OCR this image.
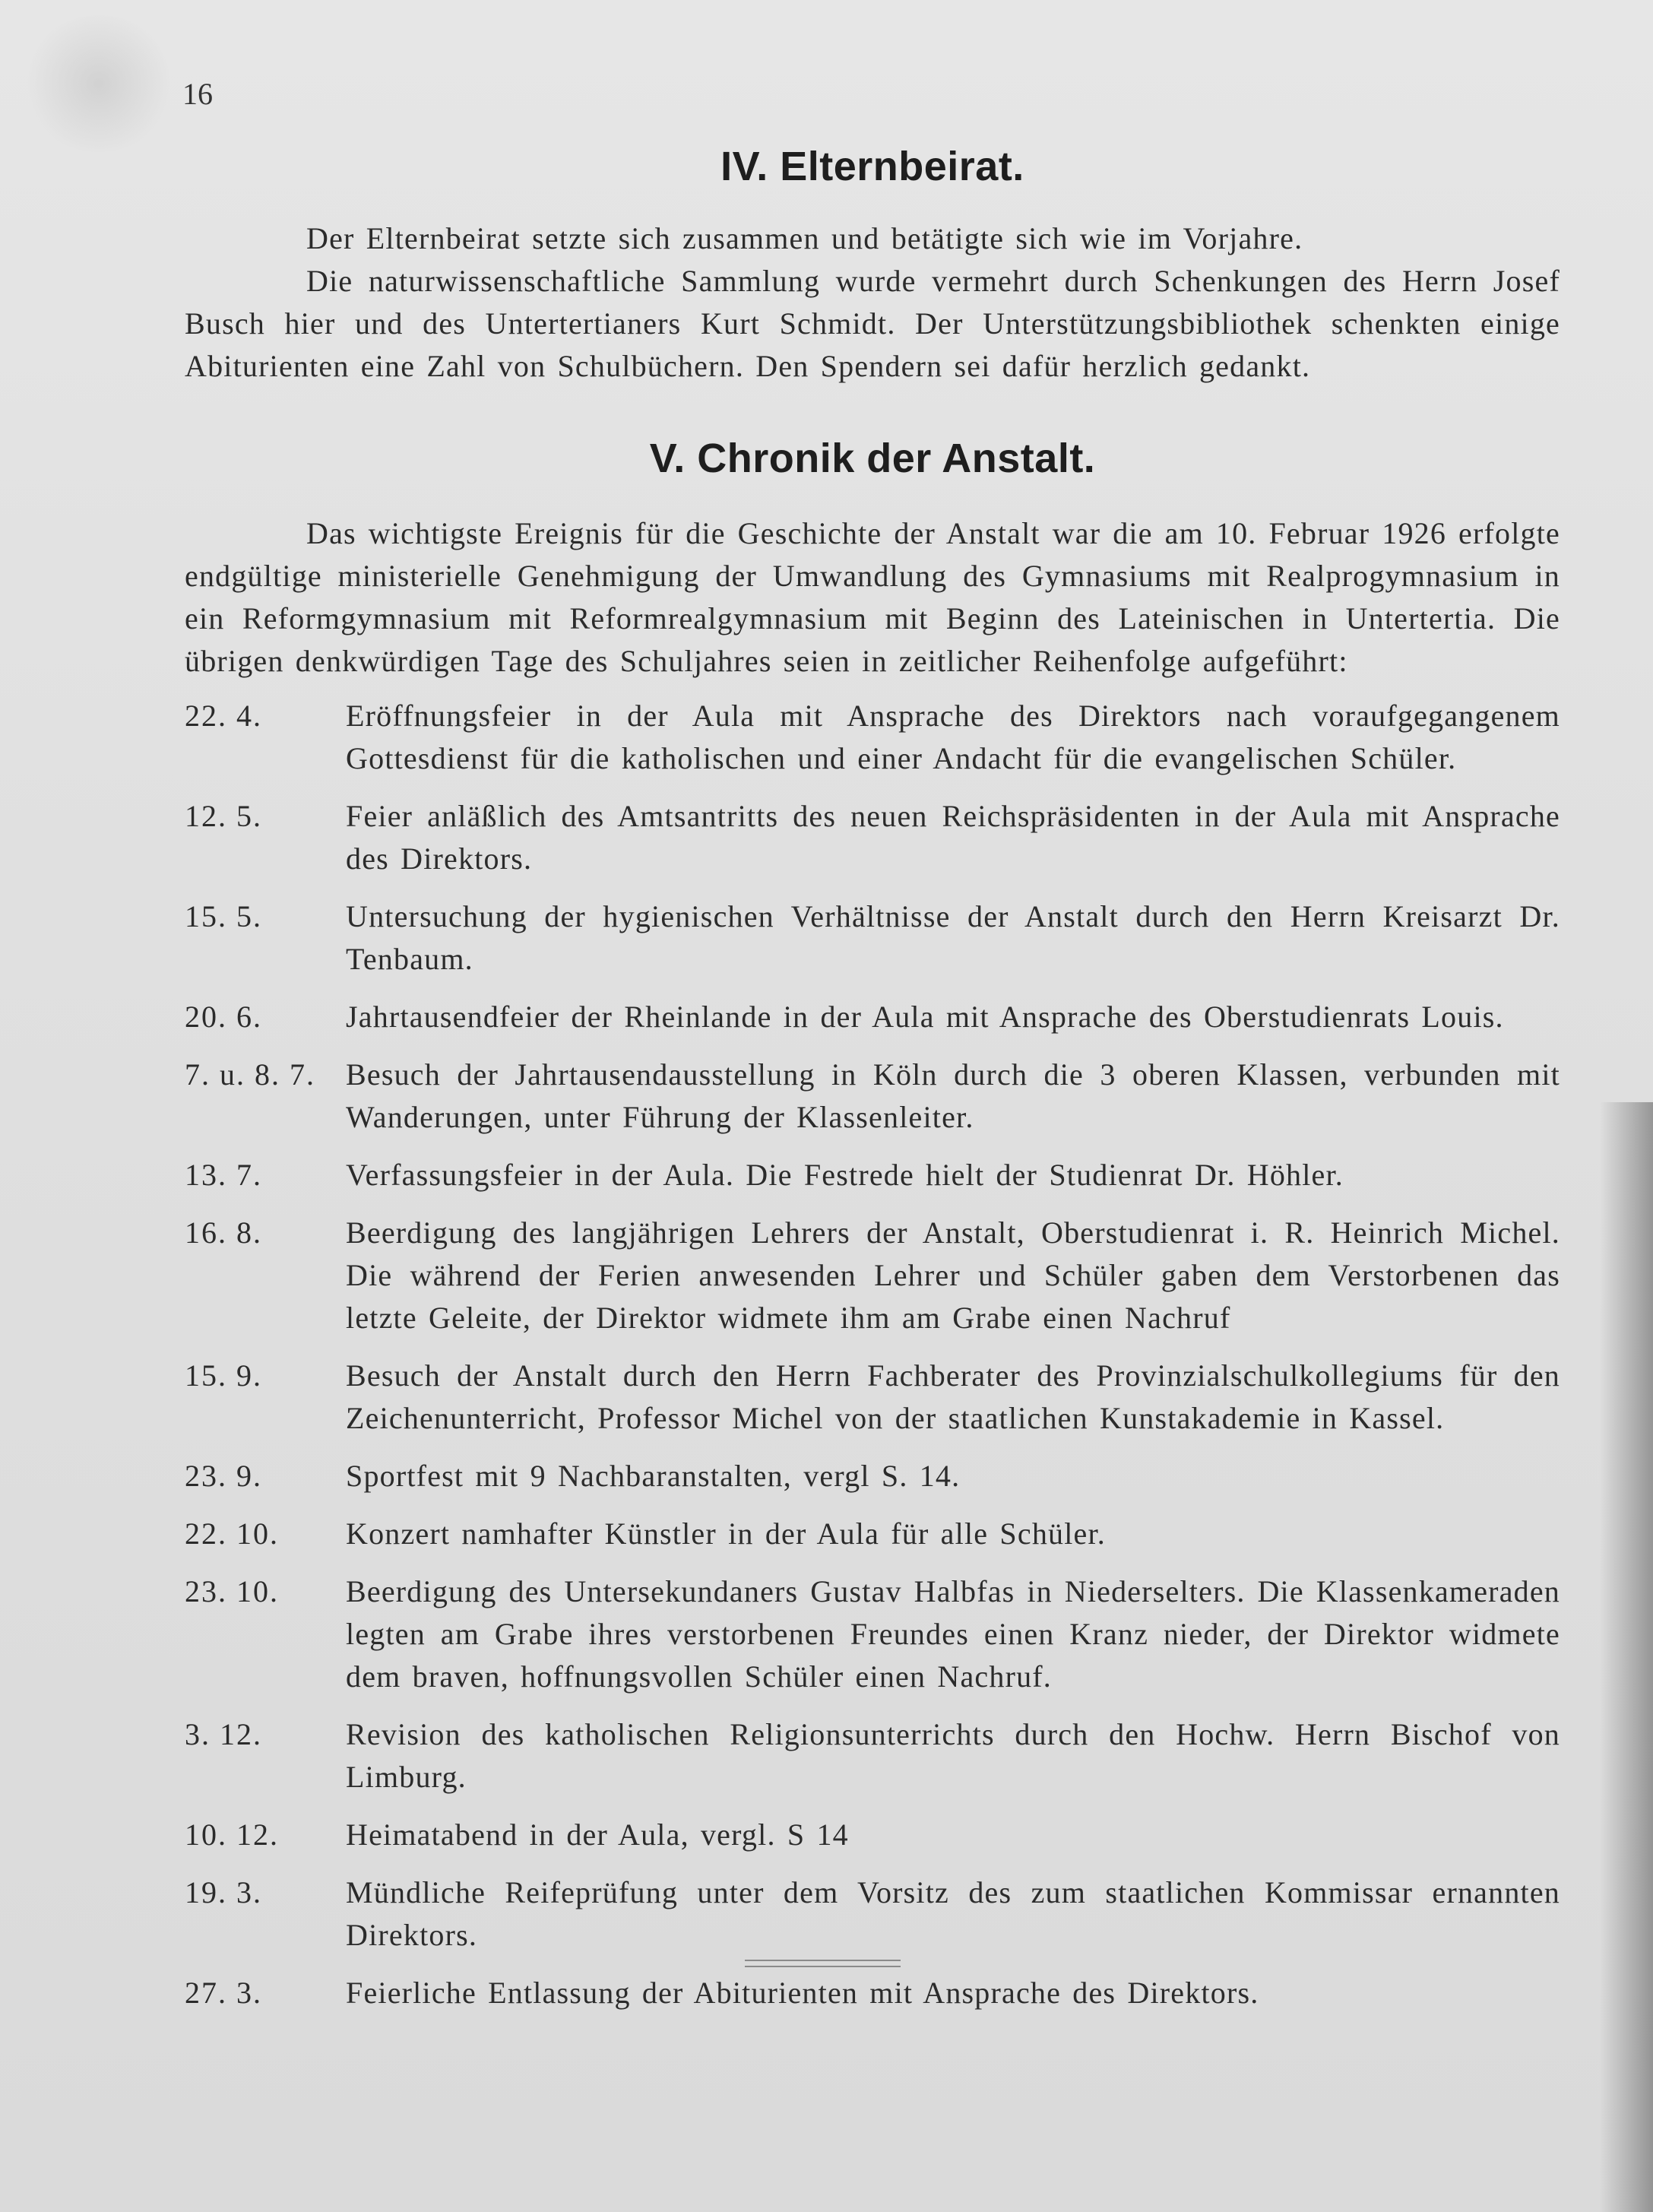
16
IV. Elternbeirat.

Der Elternbeirat setzte sich zusammen und betätigte sich wie im Vorjahre.

Die naturwissenschaftliche Sammlung wurde vermehrt durch Schenkungen des Herrn Josef Busch hier und des Untertertianers Kurt Schmidt. Der Unterstützungsbibliothek schenkten einige Abiturienten eine Zahl von Schulbüchern. Den Spendern sei dafür herzlich gedankt.

V. Chronik der Anstalt.

Das wichtigste Ereignis für die Geschichte der Anstalt war die am 10. Februar 1926 erfolgte endgültige ministerielle Genehmigung der Umwandlung des Gymnasiums mit Realprogymnasium in ein Reformgymnasium mit Reformrealgymnasium mit Beginn des Lateinischen in Untertertia. Die übrigen denkwürdigen Tage des Schuljahres seien in zeitlicher Reihenfolge aufgeführt:

22. 4.	Eröffnungsfeier in der Aula mit Ansprache des Direktors nach voraufgegangenem Gottesdienst für die katholischen und einer Andacht für die evangelischen Schüler.
12. 5.	Feier anläßlich des Amtsantritts des neuen Reichspräsidenten in der Aula mit Ansprache des Direktors.
15. 5.	Untersuchung der hygienischen Verhältnisse der Anstalt durch den Herrn Kreisarzt Dr. Tenbaum.
20. 6.	Jahrtausendfeier der Rheinlande in der Aula mit Ansprache des Oberstudienrats Louis.
7. u. 8. 7.	Besuch der Jahrtausendausstellung in Köln durch die 3 oberen Klassen, verbunden mit Wanderungen, unter Führung der Klassenleiter.
13. 7.	Verfassungsfeier in der Aula. Die Festrede hielt der Studienrat Dr. Höhler.
16. 8.	Beerdigung des langjährigen Lehrers der Anstalt, Oberstudienrat i. R. Heinrich Michel. Die während der Ferien anwesenden Lehrer und Schüler gaben dem Verstorbenen das letzte Geleite, der Direktor widmete ihm am Grabe einen Nachruf
15. 9.	Besuch der Anstalt durch den Herrn Fachberater des Provinzialschulkollegiums für den Zeichenunterricht, Professor Michel von der staatlichen Kunstakademie in Kassel.
23. 9.	Sportfest mit 9 Nachbaranstalten, vergl S. 14.
22. 10.	Konzert namhafter Künstler in der Aula für alle Schüler.
23. 10.	Beerdigung des Untersekundaners Gustav Halbfas in Niederselters. Die Klassenkameraden legten am Grabe ihres verstorbenen Freundes einen Kranz nieder, der Direktor widmete dem braven, hoffnungsvollen Schüler einen Nachruf.
3. 12.	Revision des katholischen Religionsunterrichts durch den Hochw. Herrn Bischof von Limburg.
10. 12.	Heimatabend in der Aula, vergl. S 14
19. 3.	Mündliche Reifeprüfung unter dem Vorsitz des zum staatlichen Kommissar ernannten Direktors.
27. 3.	Feierliche Entlassung der Abiturienten mit Ansprache des Direktors.
